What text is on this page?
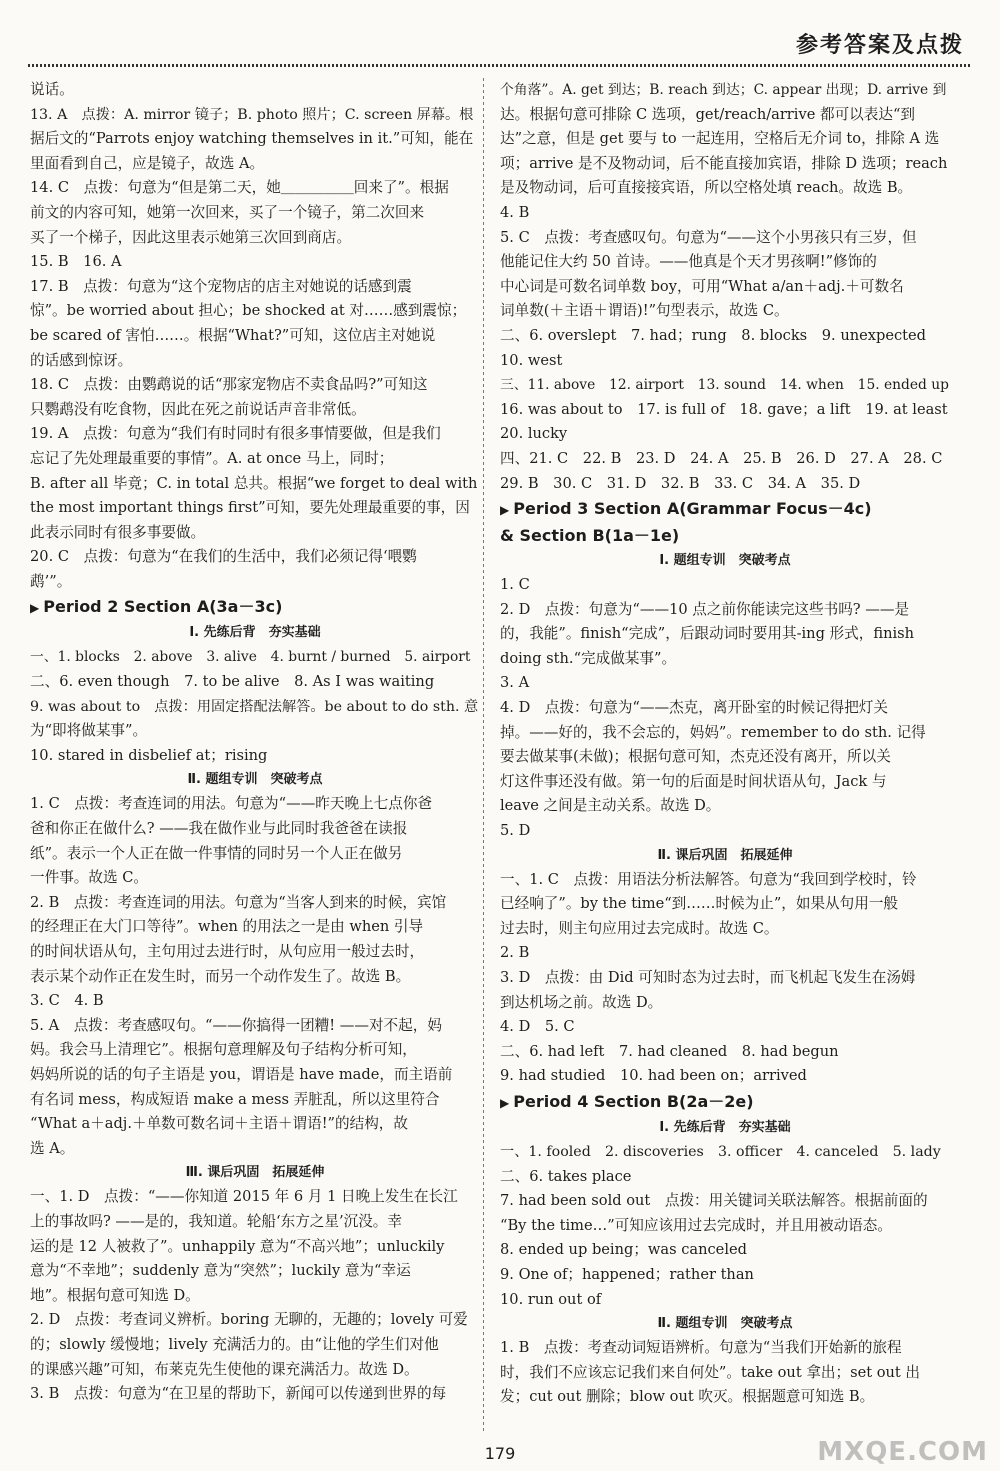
参考答案及点拨
说话。
13. A　点拨：A. mirror 镜子；B. photo 照片；C. screen 屏幕。根
据后文的“Parrots enjoy watching themselves in it.”可知，能在
里面看到自己，应是镜子，故选 A。
14. C　点拨：句意为“但是第二天，她＿＿＿＿＿回来了”。根据
前文的内容可知，她第一次回来，买了一个镜子，第二次回来
买了一个梯子，因此这里表示她第三次回到商店。
15. B　16. A
17. B　点拨：句意为“这个宠物店的店主对她说的话感到震
惊”。be worried about 担心；be shocked at 对……感到震惊；
be scared of 害怕……。根据“What?”可知，这位店主对她说
的话感到惊讶。
18. C　点拨：由鹦鹉说的话“那家宠物店不卖食品吗?”可知这
只鹦鹉没有吃食物，因此在死之前说话声音非常低。
19. A　点拨：句意为“我们有时同时有很多事情要做，但是我们
忘记了先处理最重要的事情”。A. at once 马上，同时；
B. after all 毕竟；C. in total 总共。根据“we forget to deal with
the most important things first”可知，要先处理最重要的事，因
此表示同时有很多事要做。
20. C　点拨：句意为“在我们的生活中，我们必须记得‘喂鹦
鹉’”。
▶ Period 2 Section A(3a－3c)
Ⅰ. 先练后背　夯实基础
一、1. blocks　2. above　3. alive　4. burnt / burned　5. airport
二、6. even though　7. to be alive　8. As I was waiting
9. was about to　点拨：用固定搭配法解答。be about to do sth. 意
为“即将做某事”。
10. stared in disbelief at；rising
Ⅱ. 题组专训　突破考点
1. C　点拨：考查连词的用法。句意为“——昨天晚上七点你爸
爸和你正在做什么? ——我在做作业与此同时我爸爸在读报
纸”。表示一个人正在做一件事情的同时另一个人正在做另
一件事。故选 C。
2. B　点拨：考查连词的用法。句意为“当客人到来的时候，宾馆
的经理正在大门口等待”。when 的用法之一是由 when 引导
的时间状语从句，主句用过去进行时，从句应用一般过去时，
表示某个动作正在发生时，而另一个动作发生了。故选 B。
3. C　4. B
5. A　点拨：考查感叹句。“——你搞得一团糟! ——对不起，妈
妈。我会马上清理它”。根据句意理解及句子结构分析可知，
妈妈所说的话的句子主语是 you，谓语是 have made，而主语前
有名词 mess，构成短语 make a mess 弄脏乱，所以这里符合
“What a＋adj.＋单数可数名词＋主语＋谓语!”的结构，故
选 A。
Ⅲ. 课后巩固　拓展延伸
一、1. D　点拨：“——你知道 2015 年 6 月 1 日晚上发生在长江
上的事故吗? ——是的，我知道。轮船‘东方之星’沉没。幸
运的是 12 人被救了”。unhappily 意为“不高兴地”；unluckily
意为“不幸地”；suddenly 意为“突然”；luckily 意为“幸运
地”。根据句意可知选 D。
2. D　点拨：考查词义辨析。boring 无聊的，无趣的；lovely 可爱
的；slowly 缓慢地；lively 充满活力的。由“让他的学生们对他
的课感兴趣”可知，布莱克先生使他的课充满活力。故选 D。
3. B　点拨：句意为“在卫星的帮助下，新闻可以传递到世界的每
个角落”。A. get 到达；B. reach 到达；C. appear 出现；D. arrive 到
达。根据句意可排除 C 选项，get/reach/arrive 都可以表达“到
达”之意，但是 get 要与 to 一起连用，空格后无介词 to，排除 A 选
项；arrive 是不及物动词，后不能直接加宾语，排除 D 选项；reach
是及物动词，后可直接接宾语，所以空格处填 reach。故选 B。
4. B
5. C　点拨：考查感叹句。句意为“——这个小男孩只有三岁，但
他能记住大约 50 首诗。——他真是个天才男孩啊!”修饰的
中心词是可数名词单数 boy，可用“What a/an＋adj.＋可数名
词单数(＋主语＋谓语)!”句型表示，故选 C。
二、6. overslept　7. had；rung　8. blocks　9. unexpected
10. west
三、11. above　12. airport　13. sound　14. when　15. ended up
16. was about to　17. is full of　18. gave；a lift　19. at least
20. lucky
四、21. C　22. B　23. D　24. A　25. B　26. D　27. A　28. C
29. B　30. C　31. D　32. B　33. C　34. A　35. D
▶ Period 3 Section A(Grammar Focus－4c)
& Section B(1a－1e)
Ⅰ. 题组专训　突破考点
1. C
2. D　点拨：句意为“——10 点之前你能读完这些书吗? ——是
的，我能”。finish“完成”，后跟动词时要用其-ing 形式，finish
doing sth.“完成做某事”。
3. A
4. D　点拨：句意为“——杰克，离开卧室的时候记得把灯关
掉。——好的，我不会忘的，妈妈”。remember to do sth. 记得
要去做某事(未做)；根据句意可知，杰克还没有离开，所以关
灯这件事还没有做。第一句的后面是时间状语从句，Jack 与
leave 之间是主动关系。故选 D。
5. D
Ⅱ. 课后巩固　拓展延伸
一、1. C　点拨：用语法分析法解答。句意为“我回到学校时，铃
已经响了”。by the time“到……时候为止”，如果从句用一般
过去时，则主句应用过去完成时。故选 C。
2. B
3. D　点拨：由 Did 可知时态为过去时，而飞机起飞发生在汤姆
到达机场之前。故选 D。
4. D　5. C
二、6. had left　7. had cleaned　8. had begun
9. had studied　10. had been on；arrived
▶ Period 4 Section B(2a－2e)
Ⅰ. 先练后背　夯实基础
一、1. fooled　2. discoveries　3. officer　4. canceled　5. lady
二、6. takes place
7. had been sold out　点拨：用关键词关联法解答。根据前面的
“By the time…”可知应该用过去完成时，并且用被动语态。
8. ended up being；was canceled
9. One of；happened；rather than
10. run out of
Ⅱ. 题组专训　突破考点
1. B　点拨：考查动词短语辨析。句意为“当我们开始新的旅程
时，我们不应该忘记我们来自何处”。take out 拿出；set out 出
发；cut out 删除；blow out 吹灭。根据题意可知选 B。
179	MXQE.COM
